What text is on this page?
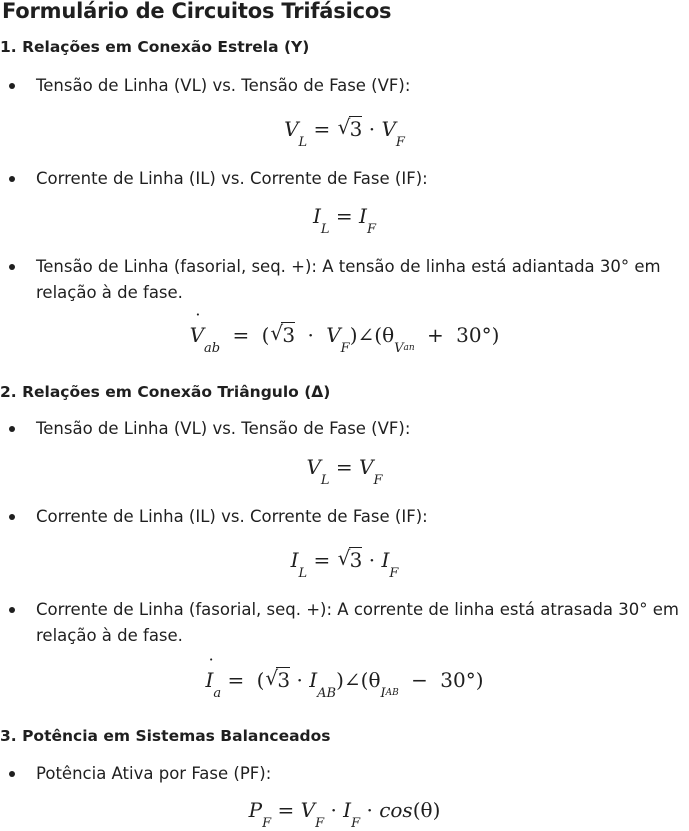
Formulário de Circuitos Trifásicos
1. Relações em Conexão Estrela (Y)
Tensão de Linha (VL) vs. Tensão de Fase (VF):
$V_L$ = √ $3 \cdot V_F$
Corrente de Linha (IL) vs. Corrente de Fase (IF):
$I_L = I_F$
Tensão de Linha (fasorial, seq. +): A tensão de linha está adiantada 30° em
relação à de fase.
· $V_{ab}$ = ( √ $3 \cdot V_F)\angle(\theta_{Van} + 30^\circ)$
2. Relações em Conexão Triângulo (Δ)
Tensão de Linha (VL) vs. Tensão de Fase (VF):
$V_L = V_F$
Corrente de Linha (IL) vs. Corrente de Fase (IF):
$I_L$ = √ $3 \cdot I_F$
Corrente de Linha (fasorial, seq. +): A corrente de linha está atrasada 30° em
relação à de fase.
· $I_a$ = ( √ $3 \cdot I_{AB})\angle(\theta_{IAB} - 30^\circ)$
3. Potência em Sistemas Balanceados
Potência Ativa por Fase (PF):
$P_F = V_F \cdot I_F \cdot \cos(\theta)$
